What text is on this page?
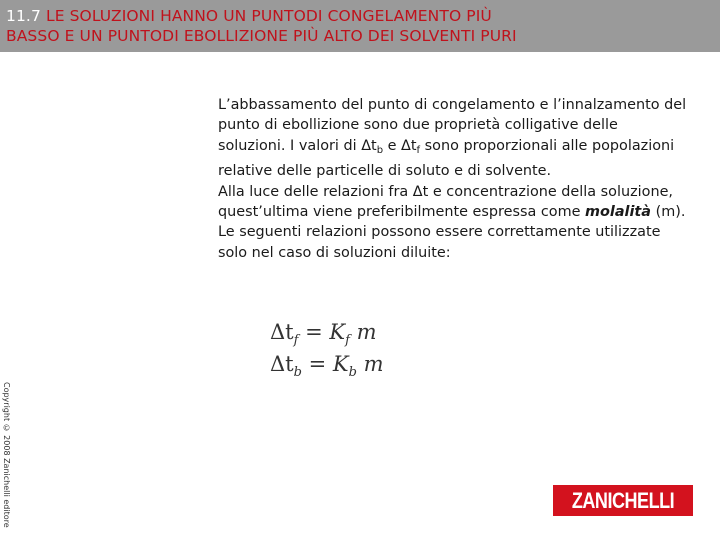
11.7 LE SOLUZIONI HANNO UN PUNTODI CONGELAMENTO PIÙ
BASSO E UN PUNTODI EBOLLIZIONE PIÙ ALTO DEI SOLVENTI PURI

L’abbassamento del punto di congelamento e l’innalzamento del punto di ebollizione sono due proprietà colligative delle soluzioni. I valori di $\Delta t_b$ e $\Delta t_f$ sono proporzionali alle popolazioni relative delle particelle di soluto e di solvente.

Alla luce delle relazioni fra Δt e concentrazione della soluzione, quest’ultima viene preferibilmente espressa come molalità (m). Le seguenti relazioni possono essere correttamente utilizzate solo nel caso di soluzioni diluite:

$\Delta t_f = K_f$ m
$\Delta t_b = K_b$ m
Copyright © 2008 Zanichelli editore	ZANICHELLI
